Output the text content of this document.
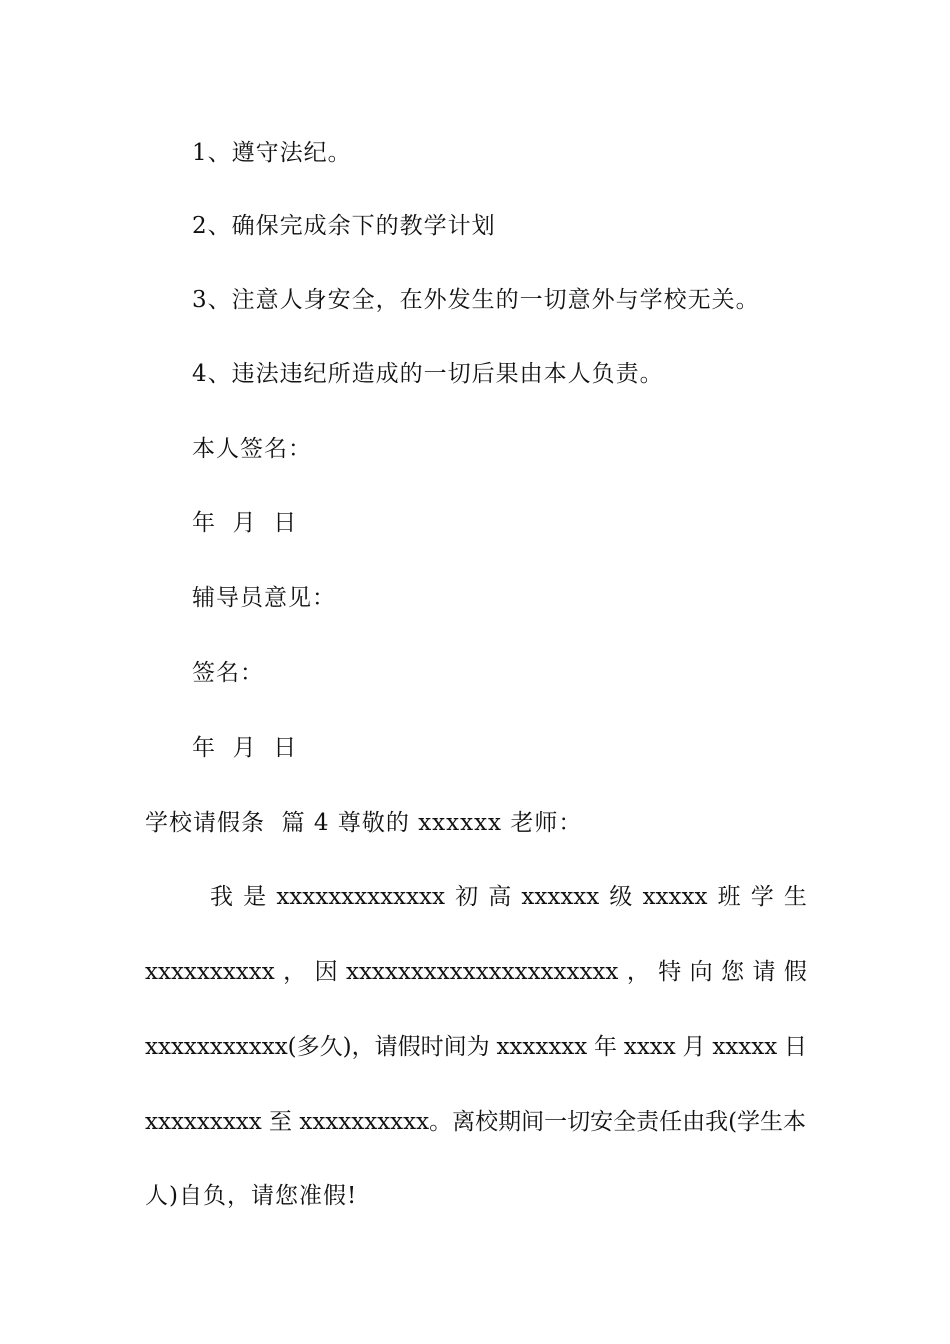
1、遵守法纪。
2、确保完成余下的教学计划
3、注意人身安全，在外发生的一切意外与学校无关。
4、违法违纪所造成的一切后果由本人负责。
本人签名：
年  月  日
辅导员意见：
签名：
年  月  日
学校请假条  篇 4 尊敬的 xxxxxx 老师：
我 是 xxxxxxxxxxxxx 初 高 xxxxxx 级 xxxxx 班 学 生
xxxxxxxxxx ， 因 xxxxxxxxxxxxxxxxxxxxx ， 特 向 您 请 假
xxxxxxxxxxx(多久)，请假时间为 xxxxxxx 年 xxxx 月 xxxxx 日
xxxxxxxxx 至 xxxxxxxxxx。离校期间一切安全责任由我(学生本
人)自负，请您准假!
